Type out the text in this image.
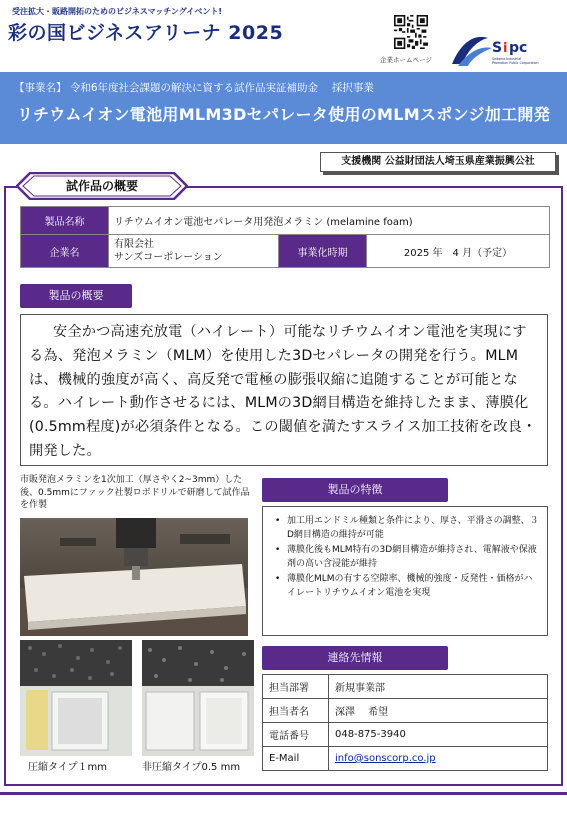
受注拡大・販路開拓のためのビジネスマッチングイベント!
彩の国ビジネスアリーナ 2025
企業ホームページ
S i pc
Saitama Industrial
Promotion Public Corporation
【事業名】 令和6年度社会課題の解決に資する試作品実証補助金　 採択事業
リチウムイオン電池用MLM3Dセパレータ使用のMLMスポンジ加工開発
支援機関 公益財団法人埼玉県産業振興公社
試作品の概要
製品名称	リチウムイオン電池セパレータ用発泡メラミン (melamine foam)		
企業名	有限会社
サンズコーポレーション	事業化時期	2025 年　4 月（予定）
製品の概要
安全かつ高速充放電（ハイレート）可能なリチウムイオン電池を実現にする為、発泡メラミン（MLM）を使用した3Dセパレータの開発を行う。MLMは、機械的強度が高く、高反発で電極の膨張収縮に追随することが可能となる。ハイレート動作させるには、MLMの3D網目構造を維持したまま、薄膜化(0.5mm程度)が必須条件となる。この閾値を満たすスライス加工技術を改良・開発した。
市販発泡メラミンを1次加工（厚さやく2~3mm）した後、0.5mmにファック社製ロボドリルで研磨して試作品を作製
圧縮タイプ１mm	非圧縮タイプ0.5 mm
製品の特徴
• 加工用エンドミル種類と条件により、厚さ、平滑さの調整、３D網目構造の維持が可能
• 薄膜化後もMLM特有の3D網目構造が維持され、電解液や保液剤の高い含浸能が維持
• 薄膜化MLMの有する空隙率、機械的強度・反発性・価格がハイレートリチウムイオン電池を実現
連絡先情報
担当部署	新規事業部
担当者名	深澤　 希望
電話番号	048-875-3940
E-Mail	info@sonscorp.co.jp
